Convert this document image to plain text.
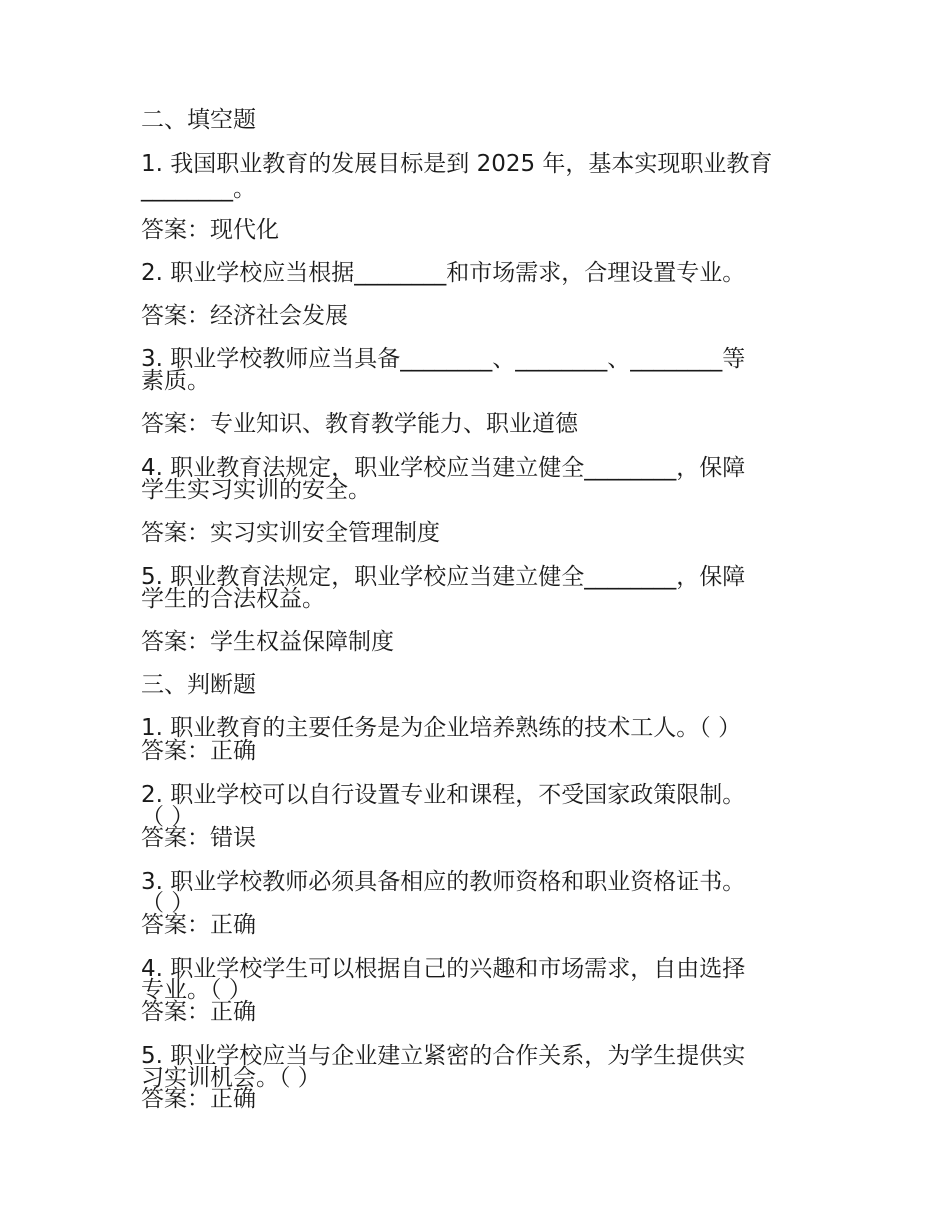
二、填空题

1. 我国职业教育的发展目标是到 2025 年，基本实现职业教育

________。

答案：现代化

2. 职业学校应当根据________和市场需求，合理设置专业。

答案：经济社会发展

3. 职业学校教师应当具备________、________、________等

素质。

答案：专业知识、教育教学能力、职业道德

4. 职业教育法规定，职业学校应当建立健全________，保障

学生实习实训的安全。

答案：实习实训安全管理制度

5. 职业教育法规定，职业学校应当建立健全________，保障

学生的合法权益。

答案：学生权益保障制度

三、判断题

1. 职业教育的主要任务是为企业培养熟练的技术工人。（ ）

答案：正确

2. 职业学校可以自行设置专业和课程，不受国家政策限制。

（ ）

答案：错误

3. 职业学校教师必须具备相应的教师资格和职业资格证书。

（ ）

答案：正确

4. 职业学校学生可以根据自己的兴趣和市场需求，自由选择

专业。（ ）

答案：正确

5. 职业学校应当与企业建立紧密的合作关系，为学生提供实

习实训机会。（ ）

答案：正确
